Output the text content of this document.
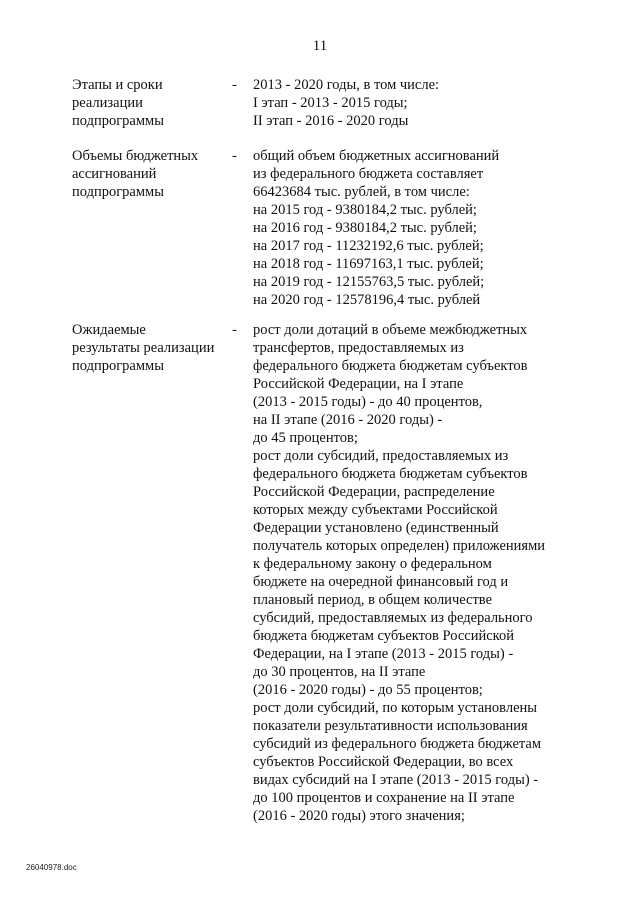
11
Этапы и сроки
реализации
подпрограммы
- 2013 - 2020 годы, в том числе:
I этап - 2013 - 2015 годы;
II этап - 2016 - 2020 годы
Объемы бюджетных
ассигнований
подпрограммы
- общий объем бюджетных ассигнований
из федерального бюджета составляет
66423684 тыс. рублей, в том числе:
на 2015 год - 9380184,2 тыс. рублей;
на 2016 год - 9380184,2 тыс. рублей;
на 2017 год - 11232192,6 тыс. рублей;
на 2018 год - 11697163,1 тыс. рублей;
на 2019 год - 12155763,5 тыс. рублей;
на 2020 год - 12578196,4 тыс. рублей
Ожидаемые
результаты реализации
подпрограммы
- рост доли дотаций в объеме межбюджетных
трансфертов, предоставляемых из
федерального бюджета бюджетам субъектов
Российской Федерации, на I этапе
(2013 - 2015 годы) - до 40 процентов,
на II этапе (2016 - 2020 годы) -
до 45 процентов;
рост доли субсидий, предоставляемых из
федерального бюджета бюджетам субъектов
Российской Федерации, распределение
которых между субъектами Российской
Федерации установлено (единственный
получатель которых определен) приложениями
к федеральному закону о федеральном
бюджете на очередной финансовый год и
плановый период, в общем количестве
субсидий, предоставляемых из федерального
бюджета бюджетам субъектов Российской
Федерации, на I этапе (2013 - 2015 годы) -
до 30 процентов, на II этапе
(2016 - 2020 годы) - до 55 процентов;
рост доли субсидий, по которым установлены
показатели результативности использования
субсидий из федерального бюджета бюджетам
субъектов Российской Федерации, во всех
видах субсидий на I этапе (2013 - 2015 годы) -
до 100 процентов и сохранение на II этапе
(2016 - 2020 годы) этого значения;
26040978.doc
